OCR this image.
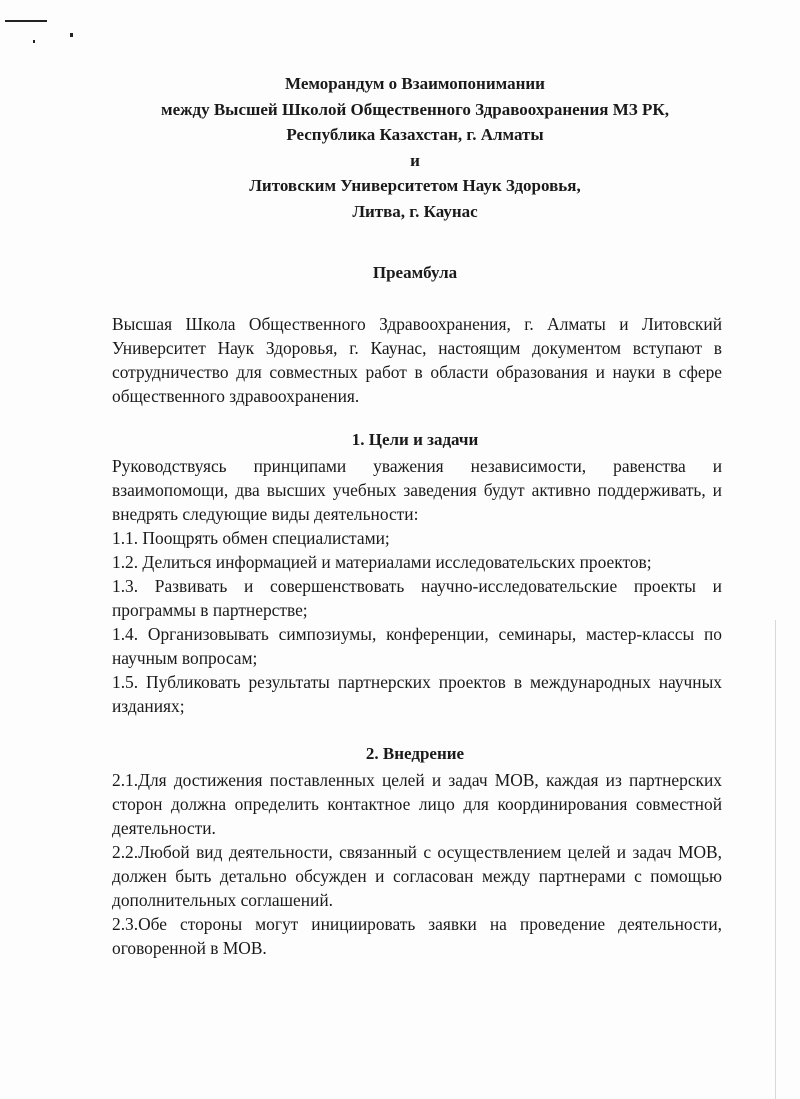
Меморандум о Взаимопонимании
между Высшей Школой Общественного Здравоохранения МЗ РК,
Республика Казахстан, г. Алматы
и
Литовским Университетом Наук Здоровья,
Литва, г. Каунас
Преамбула

Высшая Школа Общественного Здравоохранения, г. Алматы и Литовский Университет Наук Здоровья, г. Каунас, настоящим документом вступают в сотрудничество для совместных работ в области образования и науки в сфере общественного здравоохранения.

1. Цели и задачи

Руководствуясь принципами уважения независимости, равенства и взаимопомощи, два высших учебных заведения будут активно поддерживать, и внедрять следующие виды деятельности:

1.1. Поощрять обмен специалистами;

1.2. Делиться информацией и материалами исследовательских проектов;

1.3. Развивать и совершенствовать научно-исследовательские проекты и программы в партнерстве;

1.4. Организовывать симпозиумы, конференции, семинары, мастер-классы по научным вопросам;

1.5. Публиковать результаты партнерских проектов в международных научных изданиях;

2. Внедрение

2.1.Для достижения поставленных целей и задач МОВ, каждая из партнерских сторон должна определить контактное лицо для координирования совместной деятельности.

2.2.Любой вид деятельности, связанный с осуществлением целей и задач МОВ, должен быть детально обсужден и согласован между партнерами с помощью дополнительных соглашений.

2.3.Обе стороны могут инициировать заявки на проведение деятельности, оговоренной в МОВ.
